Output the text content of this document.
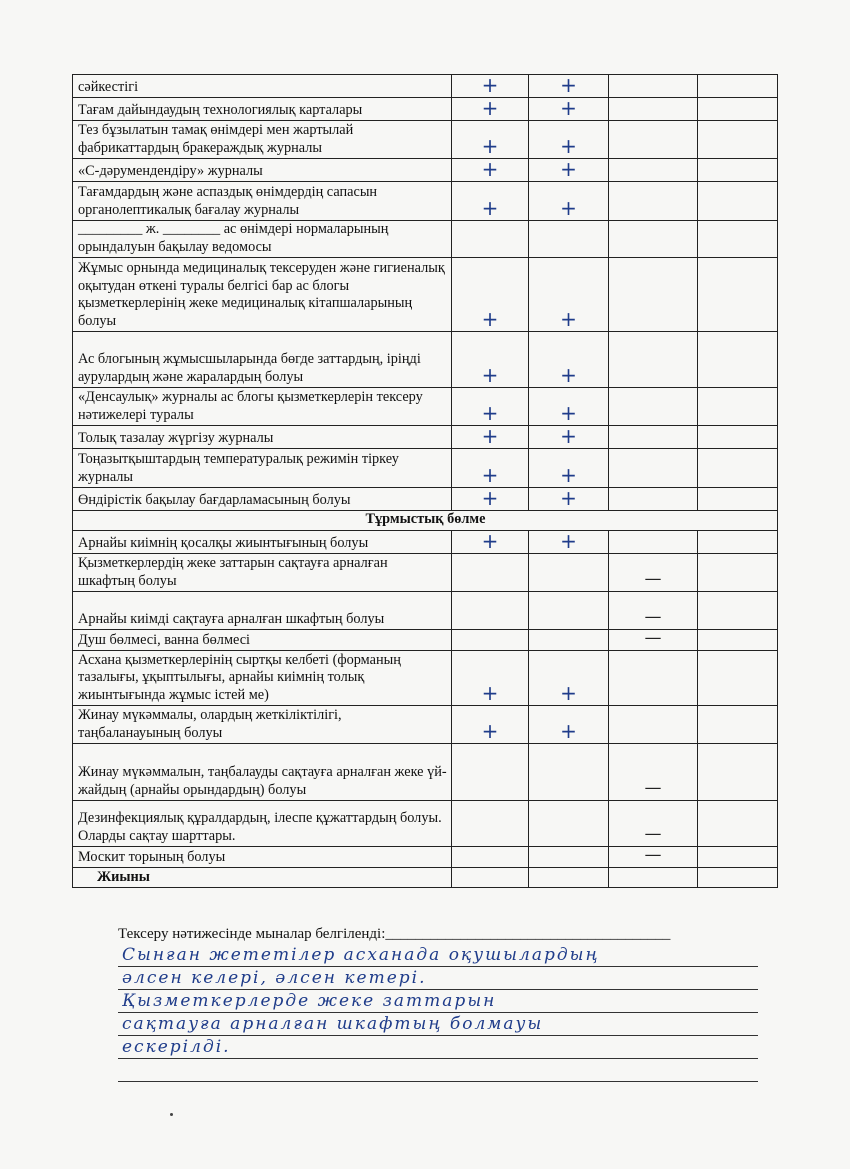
сәйкестігі	+	+		
Тағам дайындаудың технологиялық карталары	+	+		
Тез бұзылатын тамақ өнімдері мен жартылай фабрикаттардың бракераждық журналы	+	+		
«С-дәрумендендіру» журналы	+	+		
Тағамдардың және аспаздық өнімдердің сапасын органолептикалық бағалау журналы	+	+		
_________ ж. ________ ас өнімдері нормаларының орындалуын бақылау ведомосы				
Жұмыс орнында медициналық тексеруден және гигиеналық оқытудан өткені туралы белгісі бар ас блогы қызметкерлерінің жеке медициналық кітапшаларының болуы	+	+		
Ас блогының жұмысшыларында бөгде заттардың, іріңді аурулардың және жаралардың болуы	+	+		
«Денсаулық» журналы ас блогы қызметкерлерін тексеру нәтижелері туралы	+	+		
Толық тазалау жүргізу журналы	+	+		
Тоңазытқыштардың температуралық режимін тіркеу журналы	+	+		
Өндірістік бақылау бағдарламасының болуы	+	+		
Тұрмыстық бөлме				
Арнайы киімнің қосалқы жиынтығының болуы	+	+		
Қызметкерлердің жеке заттарын сақтауға арналған шкафтың болуы			—	
Арнайы киімді сақтауға арналған шкафтың болуы			—	
Душ бөлмесі, ванна бөлмесі			—	
Асхана қызметкерлерінің сыртқы келбеті (форманың тазалығы, ұқыптылығы, арнайы киімнің толық жиынтығында жұмыс істей ме)	+	+		
Жинау мүкәммалы, олардың жеткіліктілігі, таңбаланауының болуы	+	+		
Жинау мүкәммалын, таңбалауды сақтауға арналған жеке үй-жайдың (арнайы орындардың) болуы			—	
Дезинфекциялық құралдардың, ілеспе құжаттардың болуы. Оларды сақтау шарттары.			—	
Москит торының болуы			—	
Жиыны				
Тексеру нәтижесінде мыналар белгіленді:______________________________________
Сынған жететілер асханада оқушылардың
әлсен келері, әлсен кетері.
Қызметкерлерде жеке заттарын
сақтауға арналған шкафтың болмауы
ескерілді.
